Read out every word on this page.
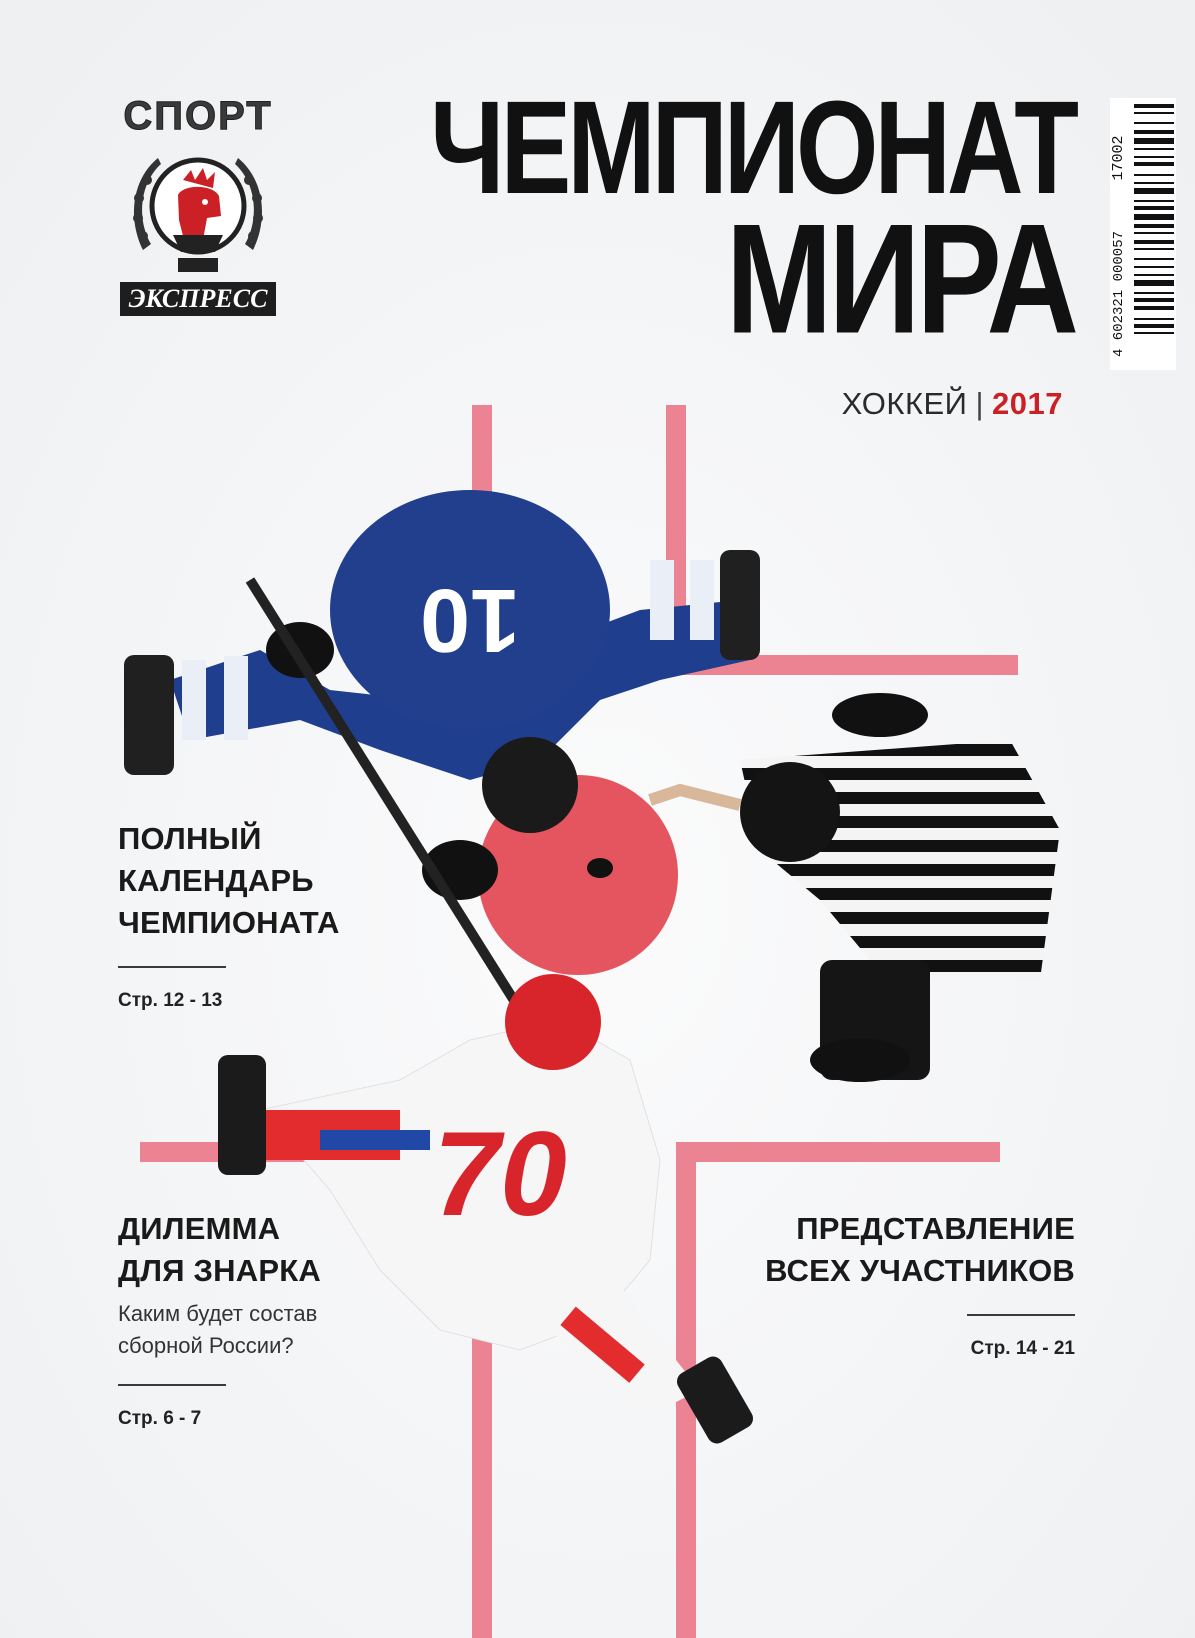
10
70
СПОРТ
ЭКСПРЕСС
ЧЕМПИОНАТ
МИРА
ХОККЕЙ | 2017
17002
4 602321 000057
ПОЛНЫЙ
КАЛЕНДАРЬ
ЧЕМПИОНАТА
Стр. 12 - 13
ДИЛЕММА
ДЛЯ ЗНАРКА
Каким будет состав
сборной России?
Стр. 6 - 7
ПРЕДСТАВЛЕНИЕ
ВСЕХ УЧАСТНИКОВ
Стр. 14 - 21
